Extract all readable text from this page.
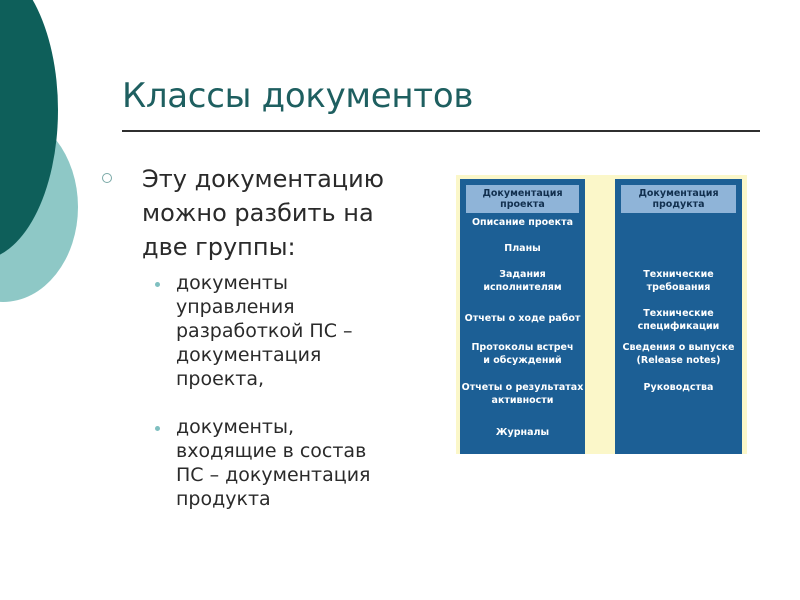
Классы документов
Эту документацию
можно разбить на
две группы:
документы
управления
разработкой ПС –
документация
проекта,
документы,
входящие в состав
ПС – документация
продукта
Документация
проекта
Описание проекта
Планы
Задания
исполнителям
Отчеты о ходе работ
Протоколы встреч
и обсуждений
Отчеты о результатах
активности
Журналы
Документация
продукта
Технические
требования
Технические
спецификации
Сведения о выпуске
(Release notes)
Руководства
